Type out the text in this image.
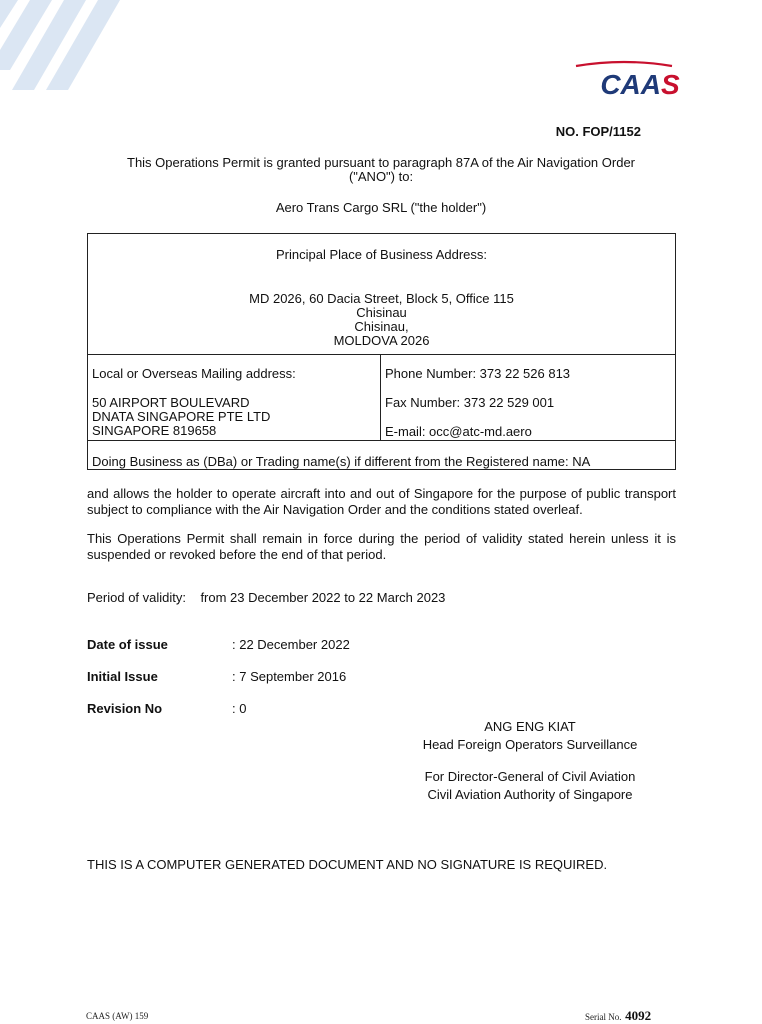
CAA S
NO. FOP/1152
This Operations Permit is granted pursuant to paragraph 87A of the Air Navigation Order
("ANO") to:
Aero Trans Cargo SRL ("the holder")
Principal Place of Business Address:
MD 2026, 60 Dacia Street, Block 5, Office 115
Chisinau
Chisinau,
MOLDOVA 2026
Local or Overseas Mailing address:
50 AIRPORT BOULEVARD
DNATA SINGAPORE PTE LTD
SINGAPORE 819658
Phone Number: 373 22 526 813
Fax Number: 373 22 529 001
E-mail: occ@atc-md.aero
Doing Business as (DBa) or Trading name(s) if different from the Registered name: NA
and allows the holder to operate aircraft into and out of Singapore for the purpose of public transport subject to compliance with the Air Navigation Order and the conditions stated overleaf.
This Operations Permit shall remain in force during the period of validity stated herein unless it is suspended or revoked before the end of that period.
Period of validity:    from 23 December 2022 to 22 March 2023
Date of issue	: 22 December 2022
Initial Issue	: 7 September 2016
Revision No	: 0
ANG ENG KIAT
Head Foreign Operators Surveillance
For Director-General of Civil Aviation
Civil Aviation Authority of Singapore
THIS IS A COMPUTER GENERATED DOCUMENT AND NO SIGNATURE IS REQUIRED.
CAAS (AW) 159	Serial No. 4092
